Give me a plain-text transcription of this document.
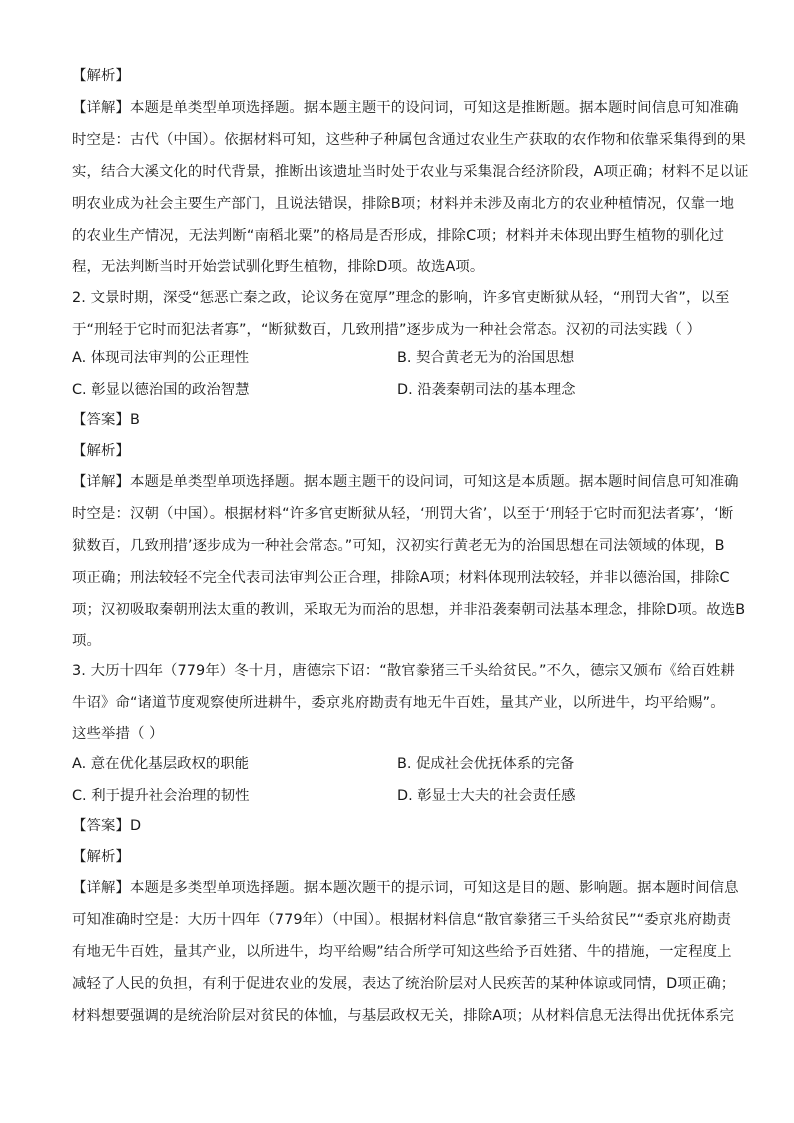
【解析】
【详解】本题是单类型单项选择题。据本题主题干的设问词，可知这是推断题。据本题时间信息可知准确
时空是：古代（中国）。依据材料可知，这些种子种属包含通过农业生产获取的农作物和依靠采集得到的果
实，结合大溪文化的时代背景，推断出该遗址当时处于农业与采集混合经济阶段，A项正确；材料不足以证
明农业成为社会主要生产部门，且说法错误，排除B项；材料并未涉及南北方的农业种植情况，仅靠一地
的农业生产情况，无法判断“南稻北粟”的格局是否形成，排除C项；材料并未体现出野生植物的驯化过
程，无法判断当时开始尝试驯化野生植物，排除D项。故选A项。
2. 文景时期，深受“惩恶亡秦之政，论议务在宽厚”理念的影响，许多官吏断狱从轻，“刑罚大省”，以至
于“刑轻于它时而犯法者寡”，“断狱数百，几致刑措”逐步成为一种社会常态。汉初的司法实践（ ）
A. 体现司法审判的公正理性	B. 契合黄老无为的治国思想
C. 彰显以德治国的政治智慧	D. 沿袭秦朝司法的基本理念
【答案】B
【解析】
【详解】本题是单类型单项选择题。据本题主题干的设问词，可知这是本质题。据本题时间信息可知准确
时空是：汉朝（中国）。根据材料“许多官吏断狱从轻，‘刑罚大省’，以至于‘刑轻于它时而犯法者寡’，‘断
狱数百，几致刑措’逐步成为一种社会常态。”可知，汉初实行黄老无为的治国思想在司法领域的体现，B
项正确；刑法较轻不完全代表司法审判公正合理，排除A项；材料体现刑法较轻，并非以德治国，排除C
项；汉初吸取秦朝刑法太重的教训，采取无为而治的思想，并非沿袭秦朝司法基本理念，排除D项。故选B
项。
3. 大历十四年（779年）冬十月，唐德宗下诏：“散官豢猪三千头给贫民。”不久，德宗又颁布《给百姓耕
牛诏》命“诸道节度观察使所进耕牛，委京兆府勘责有地无牛百姓，量其产业，以所进牛，均平给赐”。
这些举措（ ）
A. 意在优化基层政权的职能	B. 促成社会优抚体系的完备
C. 利于提升社会治理的韧性	D. 彰显士大夫的社会责任感
【答案】D
【解析】
【详解】本题是多类型单项选择题。据本题次题干的提示词，可知这是目的题、影响题。据本题时间信息
可知准确时空是：大历十四年（779年）（中国）。根据材料信息“散官豢猪三千头给贫民”“委京兆府勘责
有地无牛百姓，量其产业，以所进牛，均平给赐”结合所学可知这些给予百姓猪、牛的措施，一定程度上
减轻了人民的负担，有利于促进农业的发展，表达了统治阶层对人民疾苦的某种体谅或同情，D项正确；
材料想要强调的是统治阶层对贫民的体恤，与基层政权无关，排除A项；从材料信息无法得出优抚体系完
